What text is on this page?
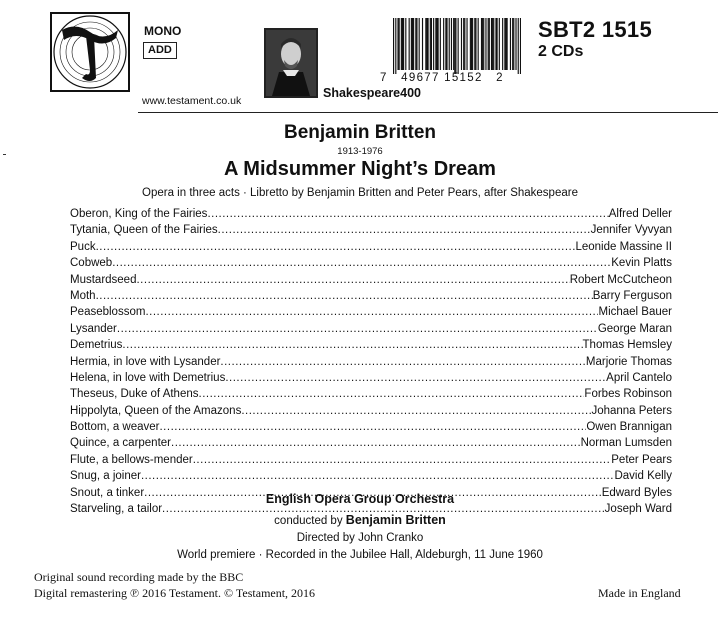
MONO
ADD
www.testament.co.uk
Shakespeare400
7   49677 15152   2
SBT2 1515
2 CDs
Benjamin Britten
1913-1976
A Midsummer Night’s Dream
Opera in three acts · Libretto by Benjamin Britten and Peter Pears, after Shakespeare
Oberon, King of the Fairies .....	Alfred Deller
Tytania, Queen of the Fairies .....	Jennifer Vyvyan
Puck .....	Leonide Massine II
Cobweb .....	Kevin Platts
Mustardseed .....	Robert McCutcheon
Moth .....	Barry Ferguson
Peaseblossom .....	Michael Bauer
Lysander .....	George Maran
Demetrius .....	Thomas Hemsley
Hermia, in love with Lysander .....	Marjorie Thomas
Helena, in love with Demetrius .....	April Cantelo
Theseus, Duke of Athens .....	Forbes Robinson
Hippolyta, Queen of the Amazons .....	Johanna Peters
Bottom, a weaver .....	Owen Brannigan
Quince, a carpenter .....	Norman Lumsden
Flute, a bellows-mender .....	Peter Pears
Snug, a joiner .....	David Kelly
Snout, a tinker .....	Edward Byles
Starveling, a tailor .....	Joseph Ward
English Opera Group Orchestra
conducted by Benjamin Britten
Directed by John Cranko
World premiere · Recorded in the Jubilee Hall, Aldeburgh, 11 June 1960
Original sound recording made by the BBC
Digital remastering ℗ 2016 Testament. © Testament, 2016	Made in England
